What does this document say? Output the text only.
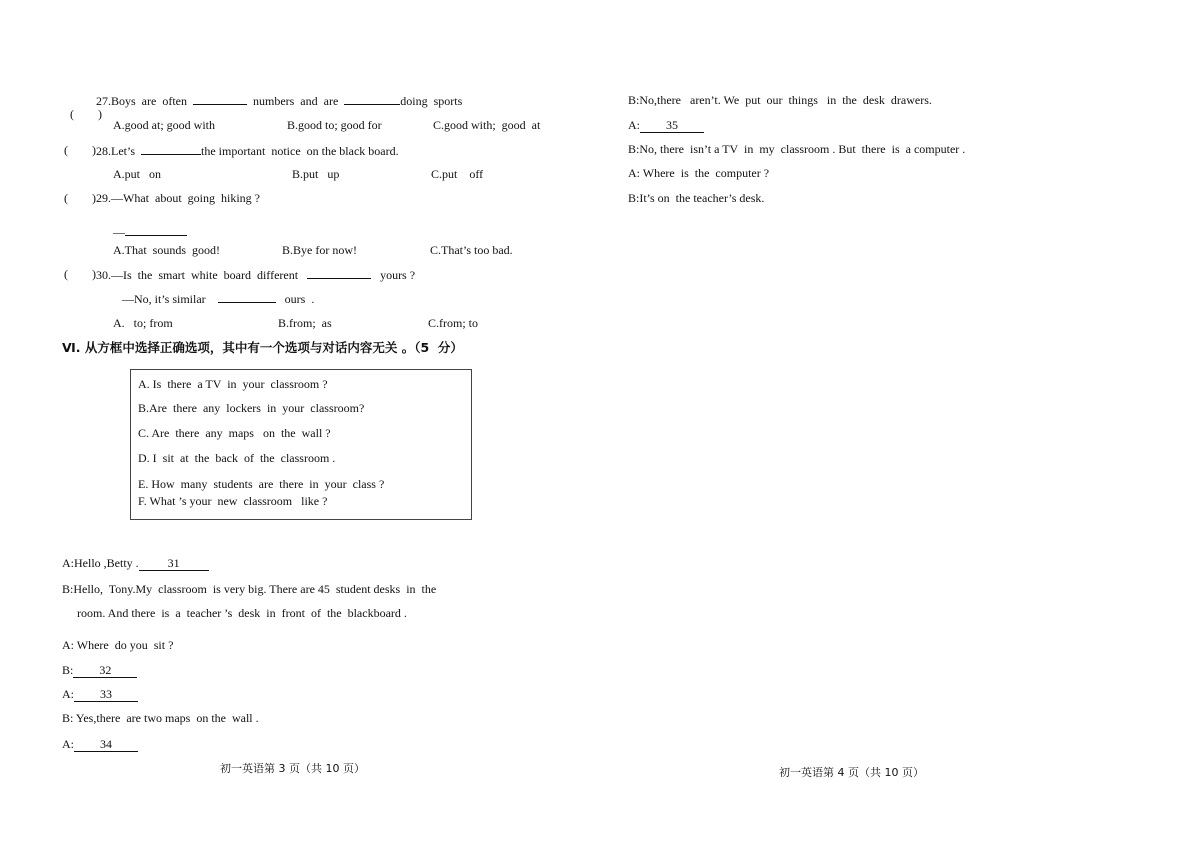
(        )

27.Boys  are  often	numbers  and  are	doing  sports
A.good at; good with	B.good to; good for	C.good with;  good  at
(        ) 28.Let’s	the important  notice  on the black board.
A.put   on	B.put   up	C.put    off
(        ) 29.—What  about  going  hiking ?
—
A.That  sounds  good!	B.Bye for now!	C.That’s too bad.
(        ) 30.—Is  the  smart  white  board  different	yours ?
—No, it’s similar	ours  .
A.   to; from	B.from;  as	C.from; to
Ⅵ. 从方框中选择正确选项，其中有一个选项与对话内容无关 。（5  分）
A. Is  there  a TV  in  your  classroom ?
B.Are  there  any  lockers  in  your  classroom?
C. Are  there  any  maps   on  the  wall ?
D. I  sit  at  the  back  of  the  classroom .
E. How  many  students  are  there  in  your  class ?
F. What ’s your  new  classroom   like ?
A:Hello ,Betty . 31
B:Hello,  Tony.My  classroom  is very big. There are 45  student desks  in  the
room. And there  is  a  teacher ’s  desk  in  front  of  the  blackboard .
A: Where  do you  sit ?
B: 32
A: 33
B: Yes,there  are two maps  on the  wall .
A: 34
初一英语第 3 页（共 10 页）
B:No,there   aren’t. We  put  our  things   in  the  desk  drawers.
A: 35
B:No, there  isn’t a TV  in  my  classroom . But  there  is  a computer .
A: Where  is  the  computer ?
B:It’s on  the teacher’s desk.
初一英语第 4 页（共 10 页）
